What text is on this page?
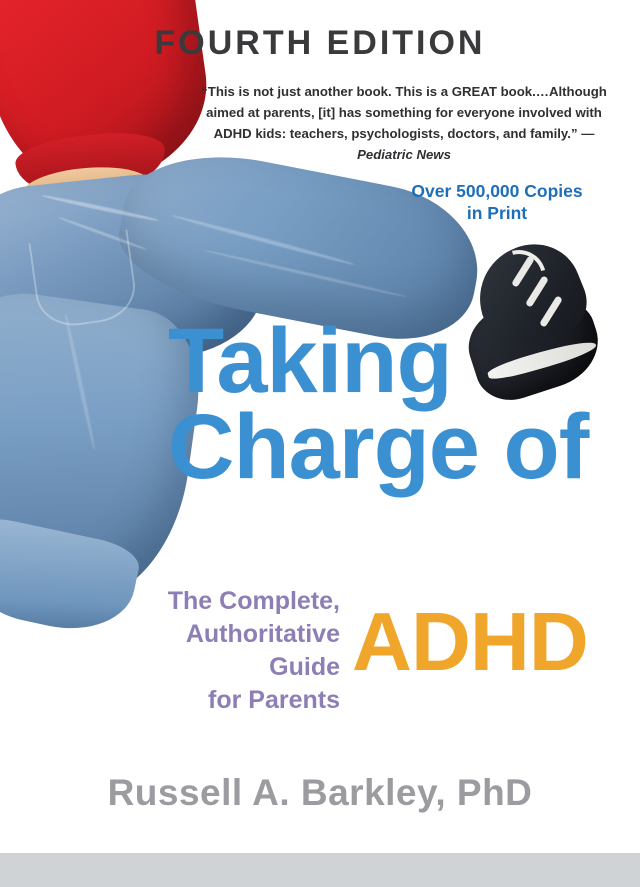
FOURTH EDITION
“This is not just another book. This is a GREAT book.…Although aimed at parents, [it] has something for everyone involved with ADHD kids: teachers, psychologists, doctors, and family.” —Pediatric News
Over 500,000 Copies
in Print
Taking
Charge of
The Complete,
Authoritative Guide
for Parents
ADHD
Russell A. Barkley, PhD
